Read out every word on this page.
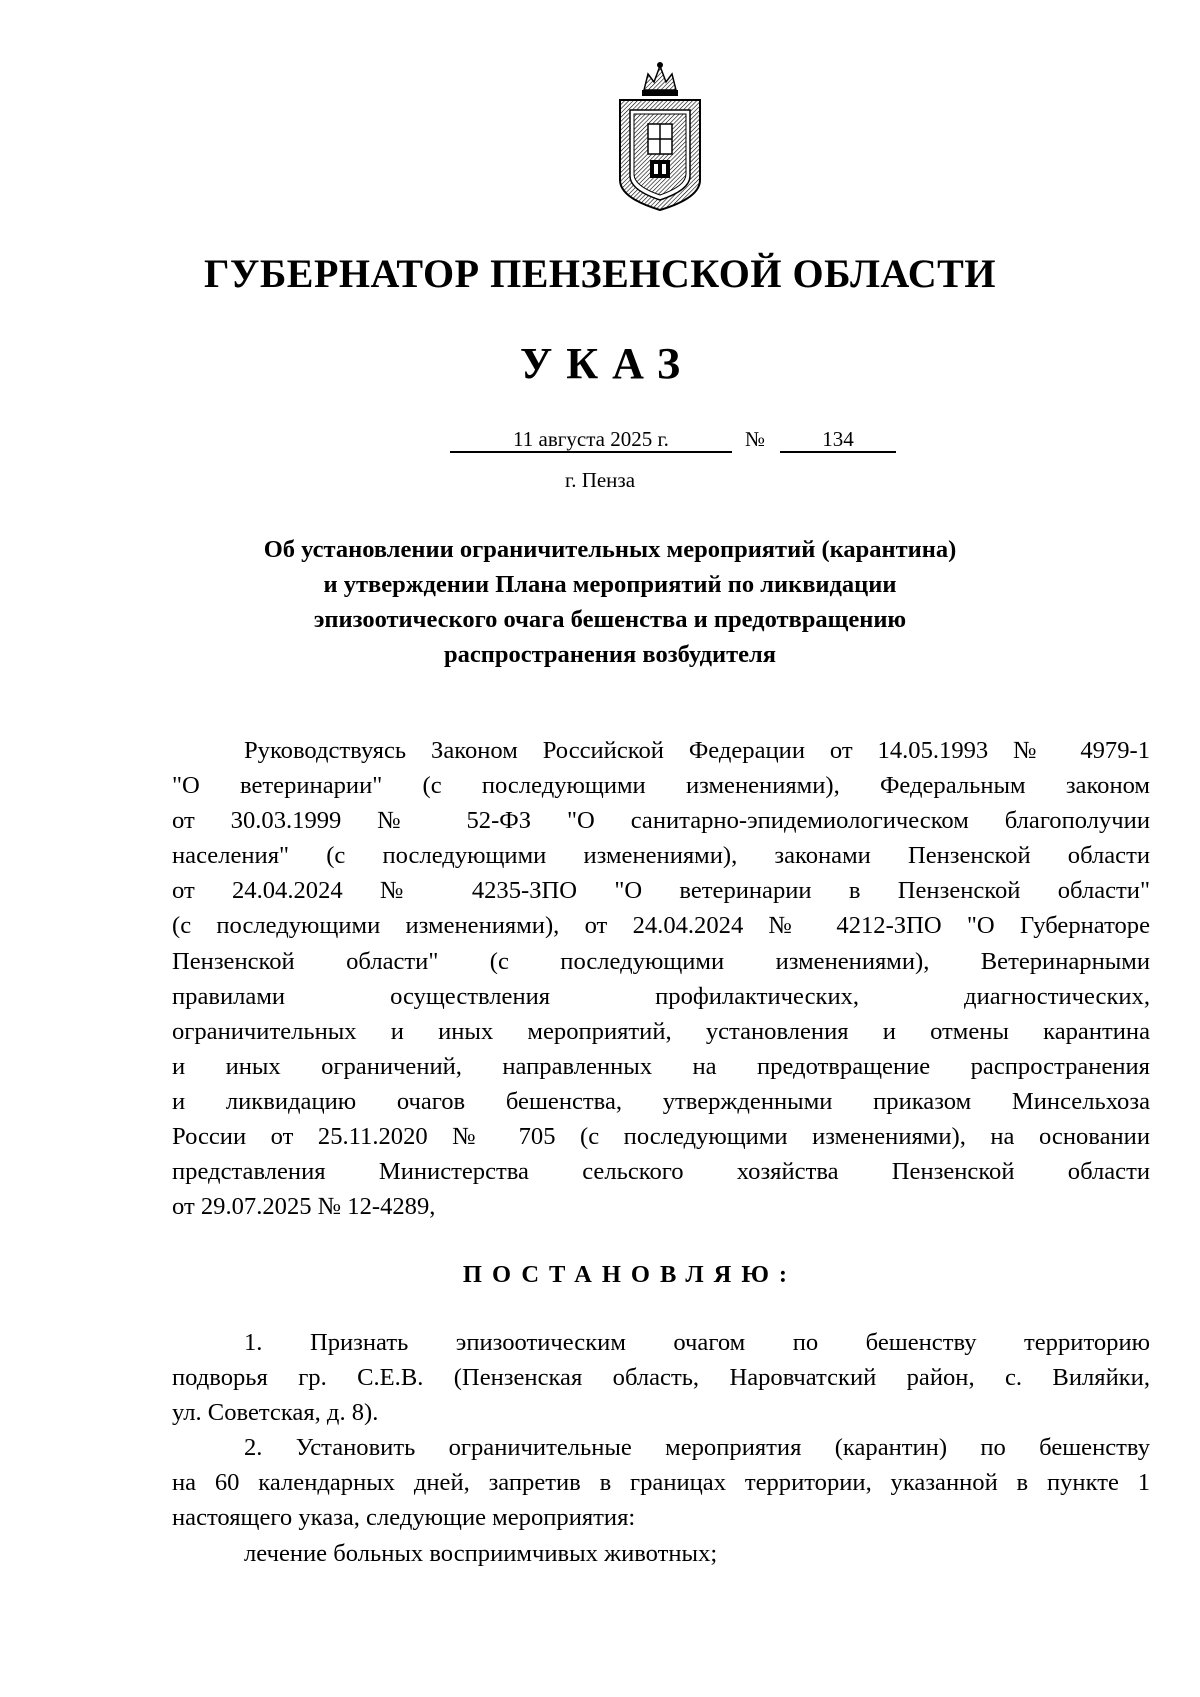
ГУБЕРНАТОР ПЕНЗЕНСКОЙ ОБЛАСТИ
УКАЗ
11 августа 2025 г.	№	134
г. Пенза
Об установлении ограничительных мероприятий (карантина)
и утверждении Плана мероприятий по ликвидации
эпизоотического очага бешенства и предотвращению
распространения возбудителя
Руководствуясь Законом Российской Федерации от 14.05.1993 № 4979-1
"О ветеринарии" (с последующими изменениями), Федеральным законом
от 30.03.1999 № 52-ФЗ "О санитарно-эпидемиологическом благополучии
населения" (с последующими изменениями), законами Пензенской области
от 24.04.2024 № 4235-ЗПО "О ветеринарии в Пензенской области"
(с последующими изменениями), от 24.04.2024 № 4212-ЗПО "О Губернаторе
Пензенской области" (с последующими изменениями), Ветеринарными
правилами осуществления профилактических, диагностических,
ограничительных и иных мероприятий, установления и отмены карантина
и иных ограничений, направленных на предотвращение распространения
и ликвидацию очагов бешенства, утвержденными приказом Минсельхоза
России от 25.11.2020 № 705 (с последующими изменениями), на основании
представления Министерства сельского хозяйства Пензенской области
от 29.07.2025 № 12-4289,
ПОСТАНОВЛЯЮ:
1. Признать эпизоотическим очагом по бешенству территорию
подворья гр. С.Е.В. (Пензенская область, Наровчатский район, с. Виляйки,
ул. Советская, д. 8).
2. Установить ограничительные мероприятия (карантин) по бешенству
на 60 календарных дней, запретив в границах территории, указанной в пункте 1
настоящего указа, следующие мероприятия:
лечение больных восприимчивых животных;
